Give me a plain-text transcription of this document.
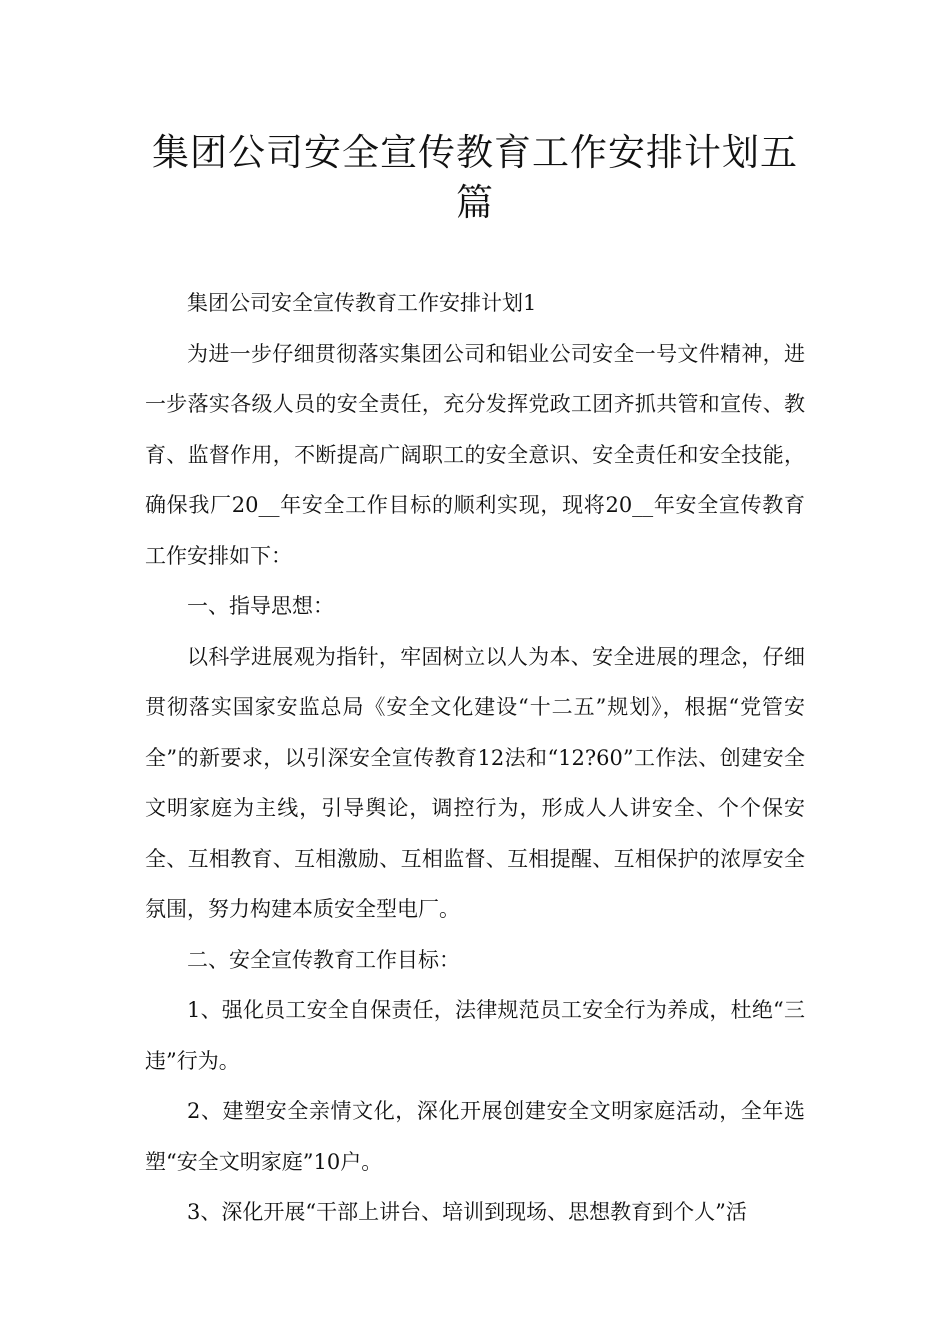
集团公司安全宣传教育工作安排计划五
篇

集团公司安全宣传教育工作安排计划1

为进一步仔细贯彻落实集团公司和铝业公司安全一号文件精神，进一步落实各级人员的安全责任，充分发挥党政工团齐抓共管和宣传、教育、监督作用，不断提高广阔职工的安全意识、安全责任和安全技能，确保我厂20__年安全工作目标的顺利实现，现将20__年安全宣传教育工作安排如下：

一、指导思想：

以科学进展观为指针，牢固树立以人为本、安全进展的理念，仔细贯彻落实国家安监总局《安全文化建设“十二五”规划》，根据“党管安全”的新要求，以引深安全宣传教育12法和“12?60”工作法、创建安全文明家庭为主线，引导舆论，调控行为，形成人人讲安全、个个保安全、互相教育、互相激励、互相监督、互相提醒、互相保护的浓厚安全氛围，努力构建本质安全型电厂。

二、安全宣传教育工作目标：

1、强化员工安全自保责任，法律规范员工安全行为养成，杜绝“三违”行为。

2、建塑安全亲情文化，深化开展创建安全文明家庭活动，全年选塑“安全文明家庭”10户。

3、深化开展“干部上讲台、培训到现场、思想教育到个人”活
